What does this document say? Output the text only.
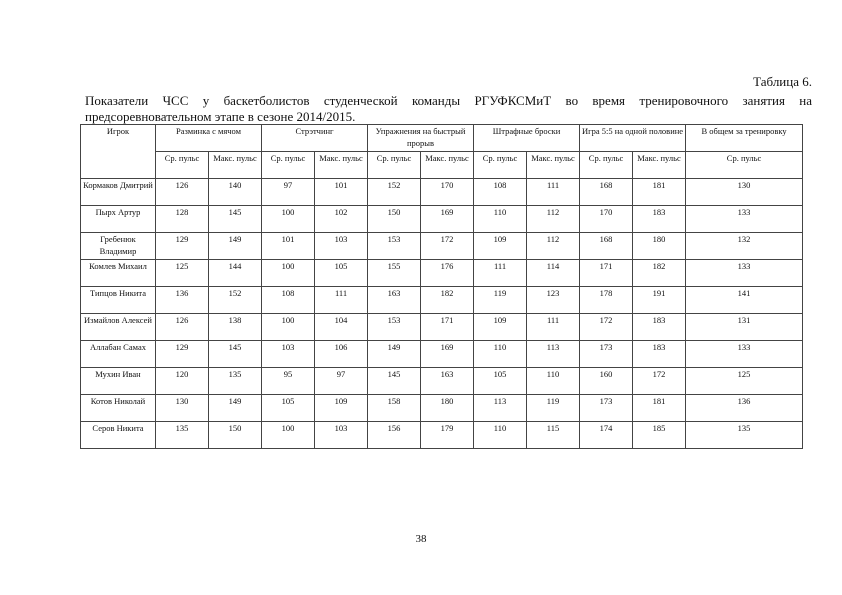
Таблица 6.
Показатели ЧСС у баскетболистов студенческой команды РГУФКСМиТ во время тренировочного занятия на предсоревновательном этапе в сезоне 2014/2015.
Игрок	Разминка с мячом		Стрэтчинг		Упражнения на быстрый прорыв		Штрафные броски		Игра 5:5 на одной половине		В общем за тренировку
	Ср. пульс	Макс. пульс	Ср. пульс	Макс. пульс	Ср. пульс	Макс. пульс	Ср. пульс	Макс. пульс	Ср. пульс	Макс. пульс	Ср. пульс
Кормаков Дмитрий	126	140	97	101	152	170	108	111	168	181	130
Пырх Артур	128	145	100	102	150	169	110	112	170	183	133
Гребенюк Владимир	129	149	101	103	153	172	109	112	168	180	132
Комлев Михаил	125	144	100	105	155	176	111	114	171	182	133
Типцов Никита	136	152	108	111	163	182	119	123	178	191	141
Измайлов Алексей	126	138	100	104	153	171	109	111	172	183	131
Аллабан Самах	129	145	103	106	149	169	110	113	173	183	133
Мухин Иван	120	135	95	97	145	163	105	110	160	172	125
Котов Николай	130	149	105	109	158	180	113	119	173	181	136
Серов Никита	135	150	100	103	156	179	110	115	174	185	135
38
